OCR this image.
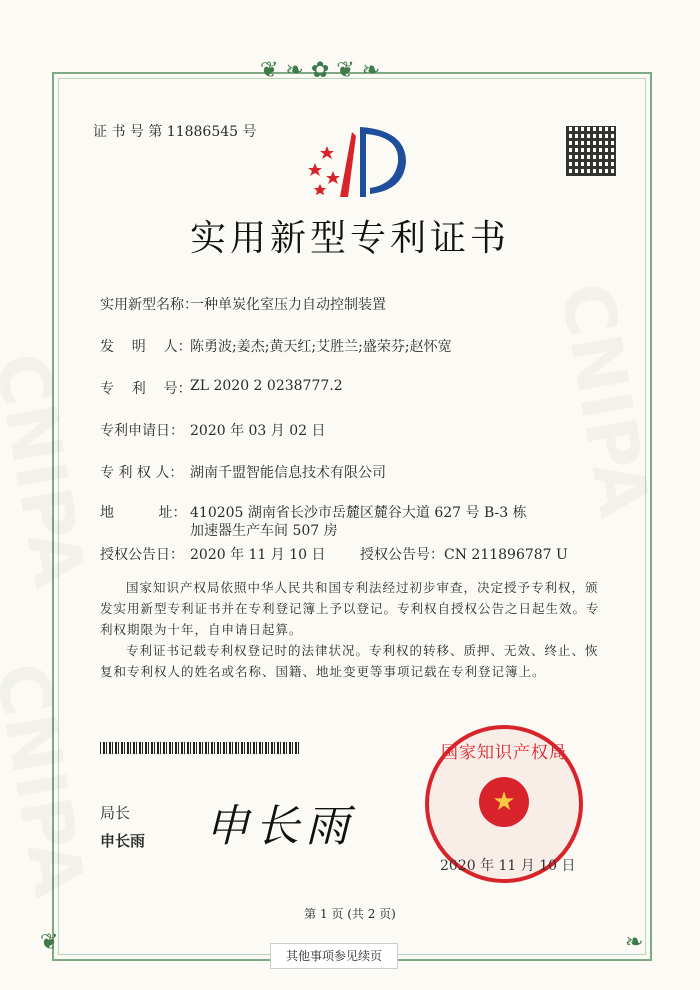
❦ ❧ ✿ ❦ ❧
❦	❧
证 书 号 第 11886545 号
实用新型专利证书
实用新型名称：
一种单炭化室压力自动控制装置
发    明    人：
陈勇波;姜杰;黄天红;艾胜兰;盛荣芬;赵怀宽
专    利    号：
ZL 2020 2 0238777.2
专利申请日： 2020 年 03 月 02 日
专 利 权 人： 湖南千盟智能信息技术有限公司
地          址： 410205 湖南省长沙市岳麓区麓谷大道 627 号 B-3 栋加速器生产车间 507 房
授权公告日： 2020 年 11 月 10 日 授权公告号：CN 211896787 U
国家知识产权局依照中华人民共和国专利法经过初步审查，决定授予专利权，颁发实用新型专利证书并在专利登记簿上予以登记。专利权自授权公告之日起生效。专利权期限为十年，自申请日起算。
专利证书记载专利权登记时的法律状况。专利权的转移、质押、无效、终止、恢复和专利权人的姓名或名称、国籍、地址变更等事项记载在专利登记簿上。
局长
申长雨 申长雨	★
国家知识产权局
2020 年 11 月 10 日
第 1 页 (共 2 页)
其他事项参见续页
